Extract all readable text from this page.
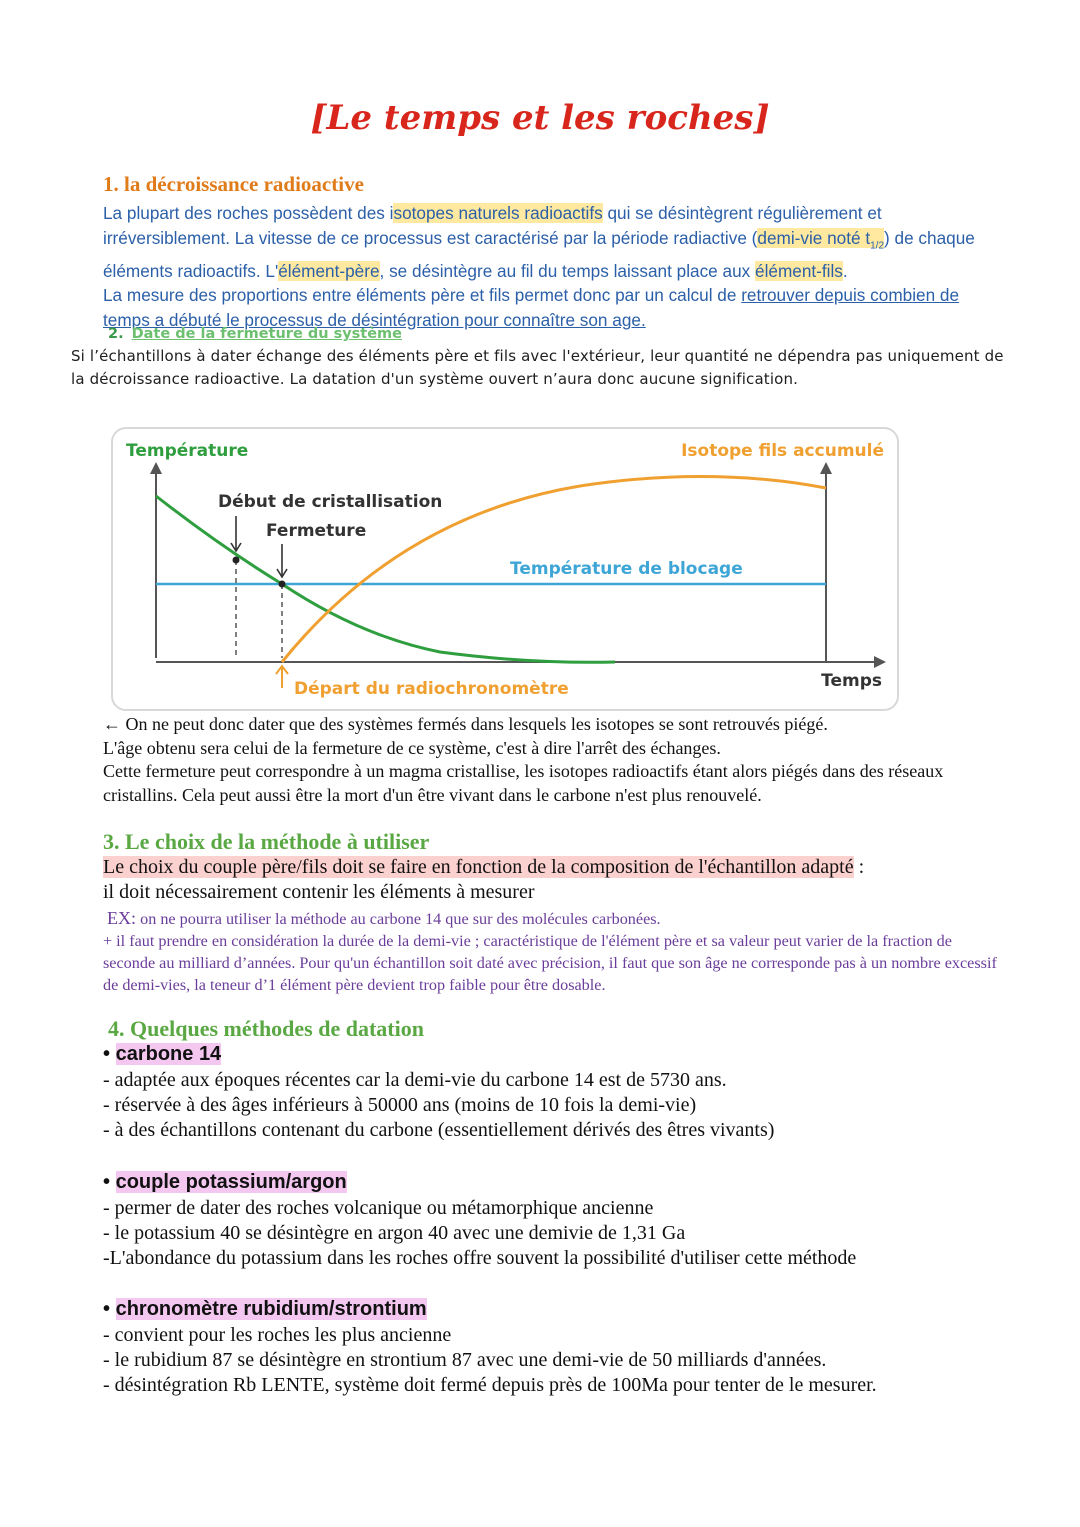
[Le temps et les roches]
1. la décroissance radioactive
La plupart des roches possèdent des isotopes naturels radioactifs qui se désintègrent régulièrement et irréversiblement. La vitesse de ce processus est caractérisé par la période radiactive (demi-vie noté $t_{1/2}$) de chaque éléments radioactifs. L'élément-père, se désintègre au fil du temps laissant place aux élément-fils.
La mesure des proportions entre éléments père et fils permet donc par un calcul de retrouver depuis combien de temps a débuté le processus de désintégration pour connaître son age.
2. Date de la fermeture du système
Si l’échantillons à dater échange des éléments père et fils avec l'extérieur, leur quantité ne dépendra pas uniquement de la décroissance radioactive. La datation d'un système ouvert n’aura donc aucune signification.
Température	Isotope fils accumulé
Début de cristallisation
Fermeture
Température de blocage
Départ du radiochronomètre	Temps
← On ne peut donc dater que des systèmes fermés dans lesquels les isotopes se sont retrouvés piégé.
L'âge obtenu sera celui de la fermeture de ce système, c'est à dire l'arrêt des échanges.
Cette fermeture peut correspondre à un magma cristallise, les isotopes radioactifs étant alors piégés dans des réseaux cristallins. Cela peut aussi être la mort d'un être vivant dans le carbone n'est plus renouvelé.
3. Le choix de la méthode à utiliser
Le choix du couple père/fils doit se faire en fonction de la composition de l'échantillon adapté :
il doit nécessairement contenir les éléments à mesurer
EX: on ne pourra utiliser la méthode au carbone 14 que sur des molécules carbonées.
+ il faut prendre en considération la durée de la demi-vie ; caractéristique de l'élément père et sa valeur peut varier de la fraction de seconde au milliard d’années. Pour qu'un échantillon soit daté avec précision, il faut que son âge ne corresponde pas à un nombre excessif de demi-vies, la teneur d’1 élément père devient trop faible pour être dosable.
4. Quelques méthodes de datation
• carbone 14
- adaptée aux époques récentes car la demi-vie du carbone 14 est de 5730 ans.
- réservée à des âges inférieurs à 50000 ans (moins de 10 fois la demi-vie)
- à des échantillons contenant du carbone (essentiellement dérivés des êtres vivants)
• couple potassium/argon
- permer de dater des roches volcanique ou métamorphique ancienne
- le potassium 40 se désintègre en argon 40 avec une demivie de 1,31 Ga
-L'abondance du potassium dans les roches offre souvent la possibilité d'utiliser cette méthode
• chronomètre rubidium/strontium
- convient pour les roches les plus ancienne
- le rubidium 87 se désintègre en strontium 87 avec une demi-vie de 50 milliards d'années.
- désintégration Rb LENTE, système doit fermé depuis près de 100Ma pour tenter de le mesurer.
